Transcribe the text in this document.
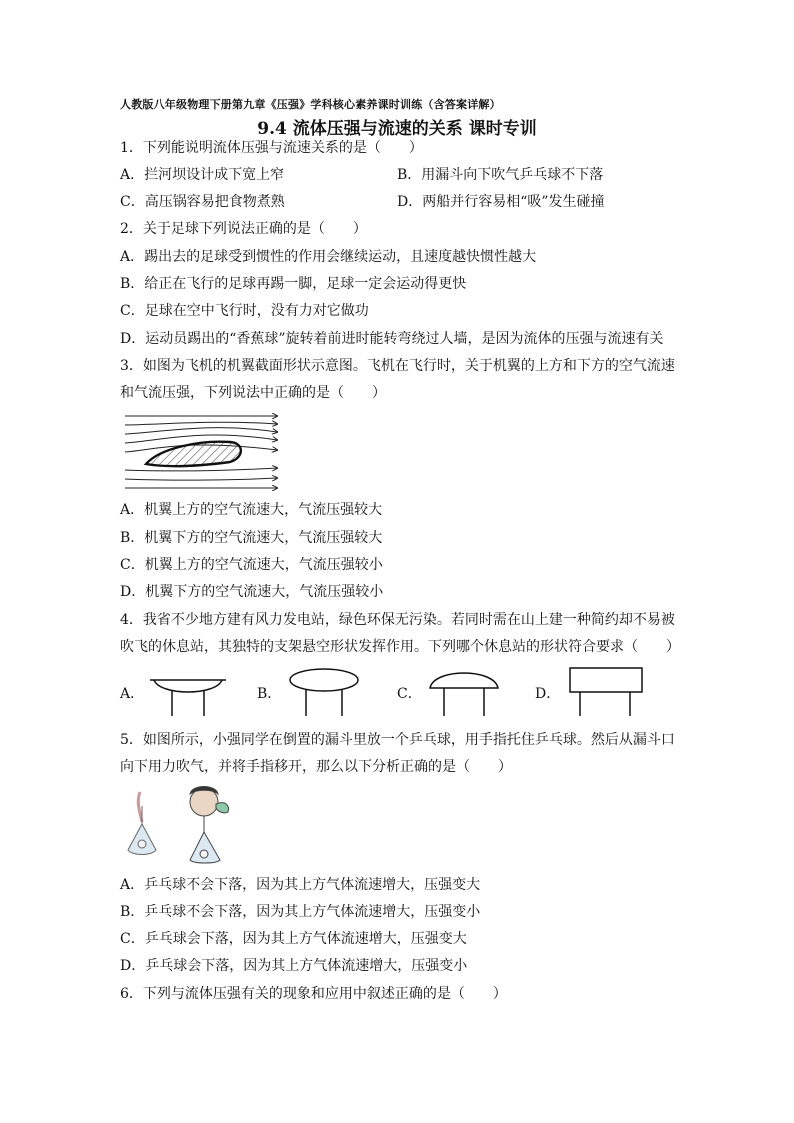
人教版八年级物理下册第九章《压强》学科核心素养课时训练（含答案详解）
9.4 流体压强与流速的关系 课时专训
1．下列能说明流体压强与流速关系的是（　　）
A．拦河坝设计成下宽上窄	B．用漏斗向下吹气乒乓球不下落
C．高压锅容易把食物煮熟	D．两船并行容易相“吸”发生碰撞
2．关于足球下列说法正确的是（　　）
A．踢出去的足球受到惯性的作用会继续运动，且速度越快惯性越大
B．给正在飞行的足球再踢一脚，足球一定会运动得更快
C．足球在空中飞行时，没有力对它做功
D．运动员踢出的“香蕉球”旋转着前进时能转弯绕过人墙，是因为流体的压强与流速有关
3．如图为飞机的机翼截面形状示意图。飞机在飞行时，关于机翼的上方和下方的空气流速
和气流压强，下列说法中正确的是（　　）
A．机翼上方的空气流速大，气流压强较大
B．机翼下方的空气流速大，气流压强较大
C．机翼上方的空气流速大，气流压强较小
D．机翼下方的空气流速大，气流压强较小
4．我省不少地方建有风力发电站，绿色环保无污染。若同时需在山上建一种简约却不易被
吹飞的休息站，其独特的支架悬空形状发挥作用。下列哪个休息站的形状符合要求（　　）
A．	B．	C．	D．
5．如图所示，小强同学在倒置的漏斗里放一个乒乓球，用手指托住乒乓球。然后从漏斗口
向下用力吹气，并将手指移开，那么以下分析正确的是（　　）
A．乒乓球不会下落，因为其上方气体流速增大，压强变大
B．乒乓球不会下落，因为其上方气体流速增大，压强变小
C．乒乓球会下落，因为其上方气体流速增大，压强变大
D．乒乓球会下落，因为其上方气体流速增大，压强变小
6．下列与流体压强有关的现象和应用中叙述正确的是（　　）
